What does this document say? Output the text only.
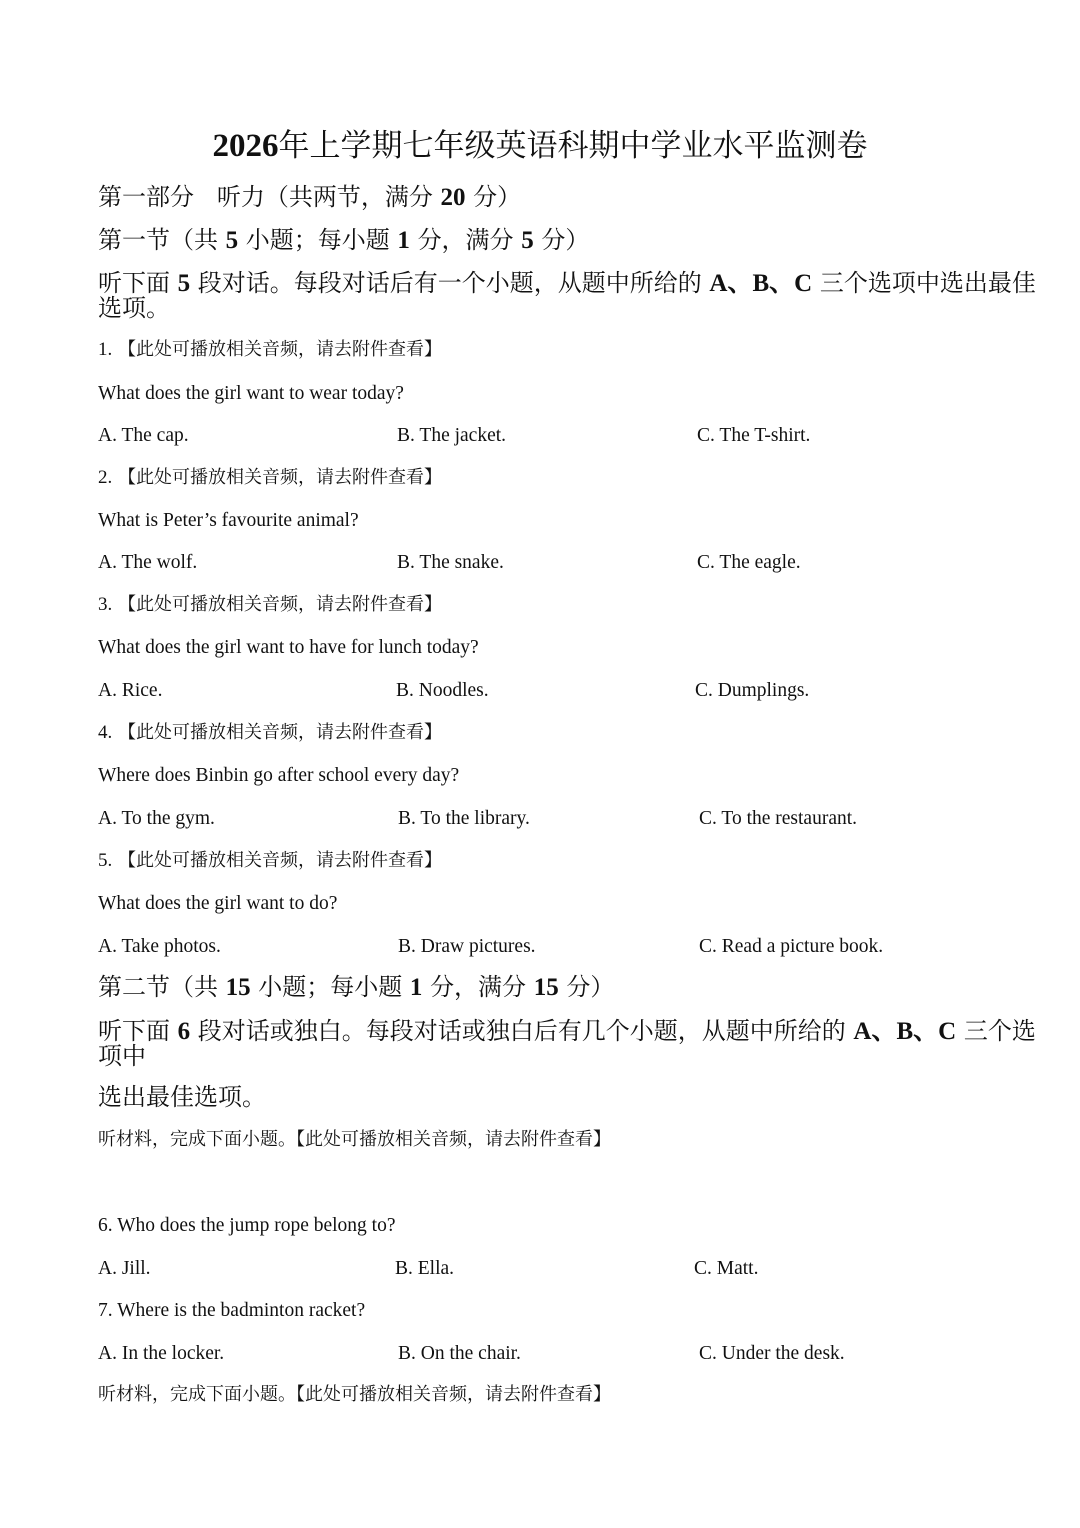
2026年上学期七年级英语科期中学业水平监测卷
第一部分 听力（共两节，满分 20 分）
第一节（共 5 小题；每小题 1 分，满分 5 分）
听下面 5 段对话。每段对话后有一个小题，从题中所给的 A、B、C 三个选项中选出最佳选项。
1. 【此处可播放相关音频，请去附件查看】
What does the girl want to wear today?
A. The cap.	B. The jacket.	C. The T-shirt.
2. 【此处可播放相关音频，请去附件查看】
What is Peter’s favourite animal?
A. The wolf.	B. The snake.	C. The eagle.
3. 【此处可播放相关音频，请去附件查看】
What does the girl want to have for lunch today?
A. Rice.	B. Noodles.	C. Dumplings.
4. 【此处可播放相关音频，请去附件查看】
Where does Binbin go after school every day?
A. To the gym.	B. To the library.	C. To the restaurant.
5. 【此处可播放相关音频，请去附件查看】
What does the girl want to do?
A. Take photos.	B. Draw pictures.	C. Read a picture book.
第二节（共 15 小题；每小题 1 分，满分 15 分）
听下面 6 段对话或独白。每段对话或独白后有几个小题，从题中所给的 A、B、C 三个选项中
选出最佳选项。
听材料，完成下面小题。【此处可播放相关音频，请去附件查看】
6. Who does the jump rope belong to?
A. Jill.	B. Ella.	C. Matt.
7. Where is the badminton racket?
A. In the locker.	B. On the chair.	C. Under the desk.
听材料，完成下面小题。【此处可播放相关音频，请去附件查看】
